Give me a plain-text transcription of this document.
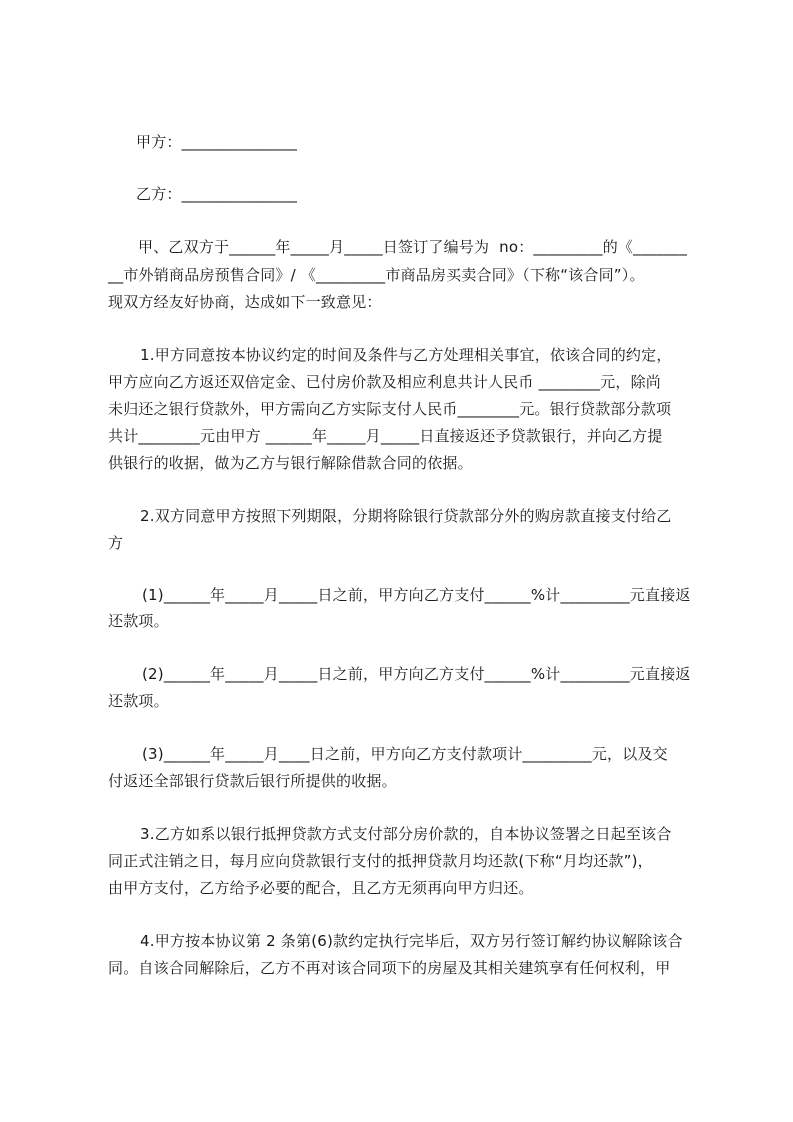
甲方：_______________
乙方：_______________
甲、乙双方于______年_____月_____日签订了编号为  no：_________的《_______
__市外销商品房预售合同》/ 《_________市商品房买卖合同》（下称“该合同”）。
现双方经友好协商，达成如下一致意见：
1.甲方同意按本协议约定的时间及条件与乙方处理相关事宜，依该合同的约定，
甲方应向乙方返还双倍定金、已付房价款及相应利息共计人民币 ________元，除尚
未归还之银行贷款外，甲方需向乙方实际支付人民币________元。银行贷款部分款项
共计________元由甲方 ______年_____月_____日直接返还予贷款银行，并向乙方提
供银行的收据，做为乙方与银行解除借款合同的依据。
2.双方同意甲方按照下列期限，分期将除银行贷款部分外的购房款直接支付给乙
方
(1)______年_____月_____日之前，甲方向乙方支付______%计_________元直接返
还款项。
(2)______年_____月_____日之前，甲方向乙方支付______%计_________元直接返
还款项。
(3)______年_____月____日之前，甲方向乙方支付款项计_________元，以及交
付返还全部银行贷款后银行所提供的收据。
3.乙方如系以银行抵押贷款方式支付部分房价款的，自本协议签署之日起至该合
同正式注销之日，每月应向贷款银行支付的抵押贷款月均还款(下称“月均还款”)，
由甲方支付，乙方给予必要的配合，且乙方无须再向甲方归还。
4.甲方按本协议第 2 条第(6)款约定执行完毕后，双方另行签订解约协议解除该合
同。自该合同解除后，乙方不再对该合同项下的房屋及其相关建筑享有任何权利，甲
